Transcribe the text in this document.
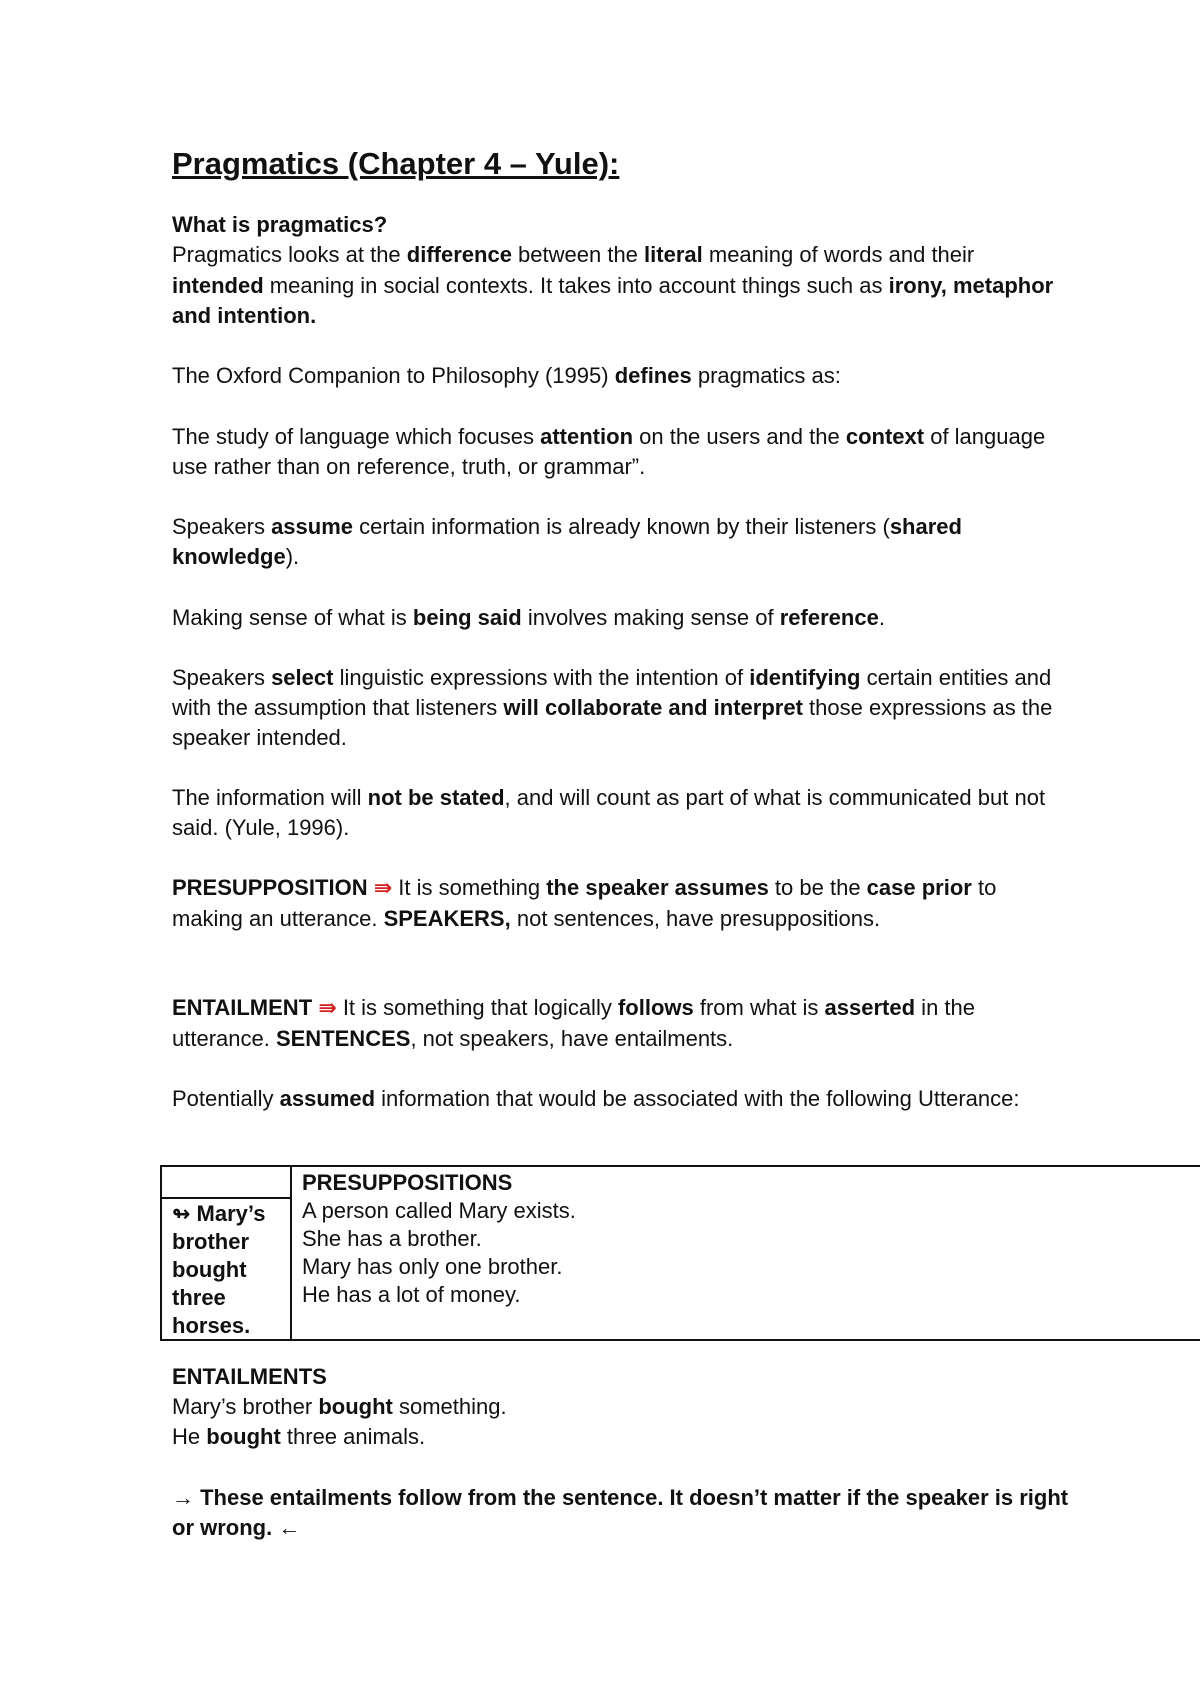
Pragmatics (Chapter 4 – Yule):

What is pragmatics?
Pragmatics looks at the difference between the literal meaning of words and their intended meaning in social contexts. It takes into account things such as irony, metaphor and intention.

The Oxford Companion to Philosophy (1995) defines pragmatics as:

The study of language which focuses attention on the users and the context of language use rather than on reference, truth, or grammar”.

Speakers assume certain information is already known by their listeners (shared knowledge).

Making sense of what is being said involves making sense of reference.

Speakers select linguistic expressions with the intention of identifying certain entities and with the assumption that listeners will collaborate and interpret those expressions as the speaker intended.

The information will not be stated, and will count as part of what is communicated but not said. (Yule, 1996).

PRESUPPOSITION ⇛ It is something the speaker assumes to be the case prior to making an utterance. SPEAKERS, not sentences, have presuppositions.

ENTAILMENT ⇛ It is something that logically follows from what is asserted in the utterance. SENTENCES, not speakers, have entailments.

Potentially assumed information that would be associated with the following Utterance:

↬ Mary’s brother bought three horses.
PRESUPPOSITIONS
A person called Mary exists.
She has a brother.
Mary has only one brother.
He has a lot of money.

ENTAILMENTS
Mary’s brother bought something.
He bought three animals.

→ These entailments follow from the sentence. It doesn’t matter if the speaker is right or wrong. ←
